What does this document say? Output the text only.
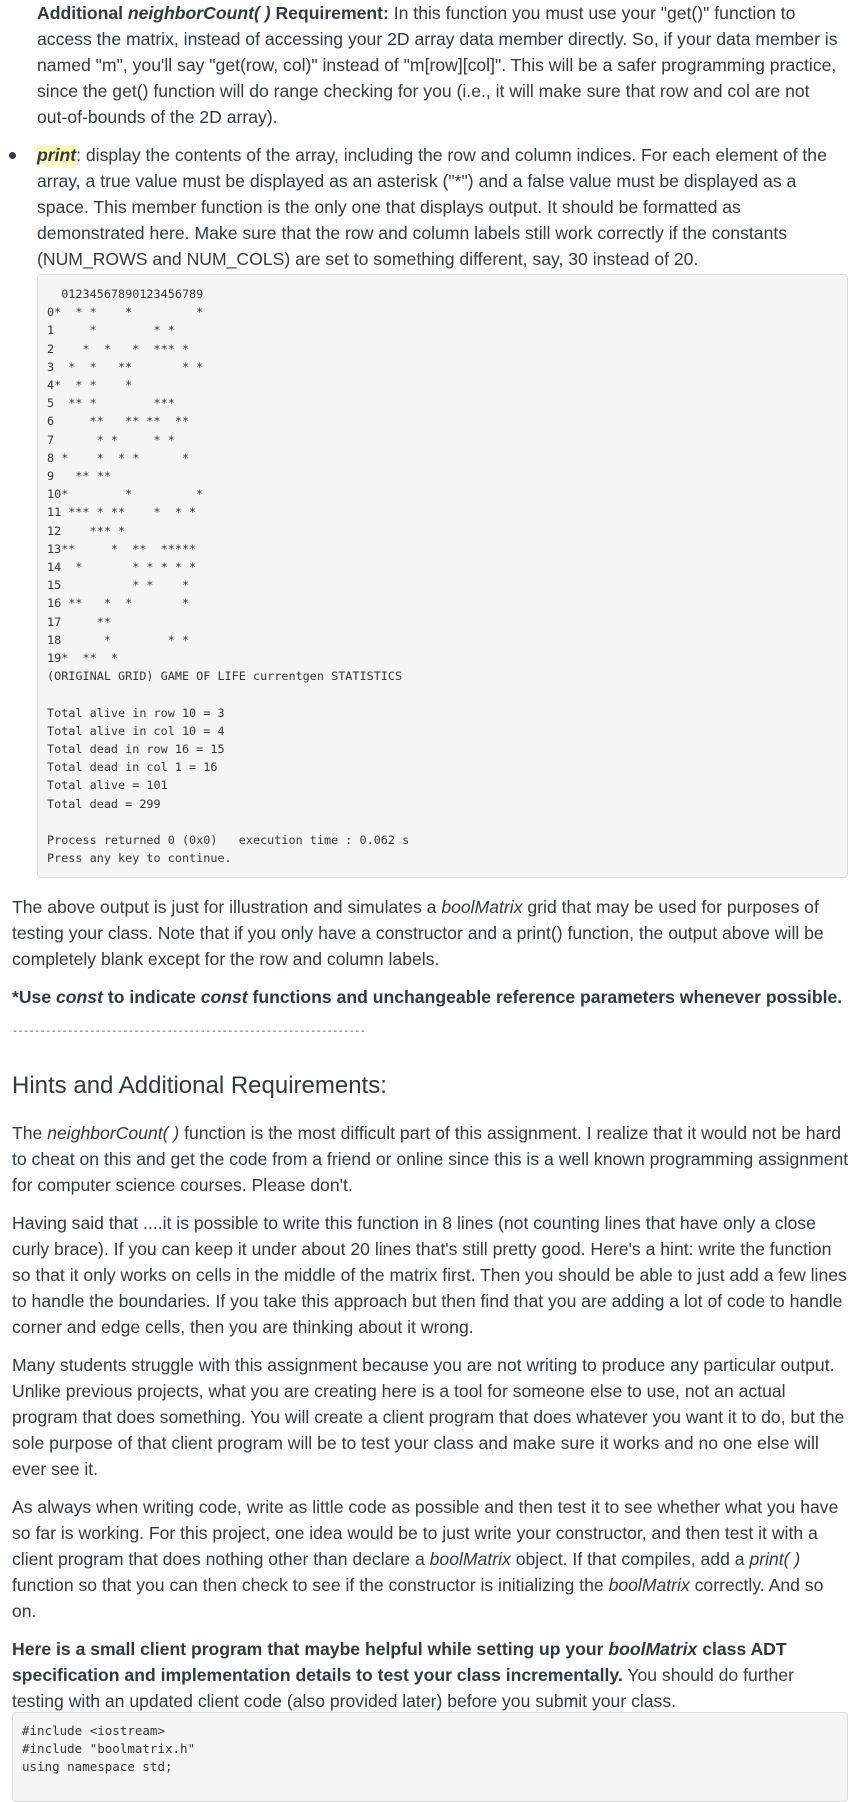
Additional neighborCount( ) Requirement: In this function you must use your "get()" function to access the matrix, instead of accessing your 2D array data member directly. So, if your data member is named "m", you'll say "get(row, col)" instead of "m[row][col]". This will be a safer programming practice, since the get() function will do range checking for you (i.e., it will make sure that row and col are not out-of-bounds of the 2D array).

print: display the contents of the array, including the row and column indices. For each element of the array, a true value must be displayed as an asterisk ("*") and a false value must be displayed as a space. This member function is the only one that displays output. It should be formatted as demonstrated here. Make sure that the row and column labels still work correctly if the constants (NUM_ROWS and NUM_COLS) are set to something different, say, 30 instead of 20.

01234567890123456789
0*  * *    *         *
1     *        * *
2    *  *   *  *** *
3  *  *   **       * *
4*  * *    *
5  ** *        ***
6     **   ** **  **
7      * *     * *
8 *    *  * *      *
9   ** **
10*        *         *
11 *** * **    *  * *
12    *** *
13**     *  **  *****
14  *       * * * * *
15          * *    *
16 **   *  *       *
17     **
18      *        * *
19*  **  *
(ORIGINAL GRID) GAME OF LIFE currentgen STATISTICS

Total alive in row 10 = 3
Total alive in col 10 = 4
Total dead in row 16 = 15
Total dead in col 1 = 16
Total alive = 101
Total dead = 299

Process returned 0 (0x0)   execution time : 0.062 s
Press any key to continue.

The above output is just for illustration and simulates a boolMatrix grid that may be used for purposes of testing your class. Note that if you only have a constructor and a print() function, the output above will be completely blank except for the row and column labels.

*Use const to indicate const functions and unchangeable reference parameters whenever possible.

----------------------------------------------------------------
Hints and Additional Requirements:

The neighborCount( ) function is the most difficult part of this assignment. I realize that it would not be hard to cheat on this and get the code from a friend or online since this is a well known programming assignment for computer science courses. Please don't.

Having said that ....it is possible to write this function in 8 lines (not counting lines that have only a close curly brace). If you can keep it under about 20 lines that's still pretty good. Here's a hint: write the function so that it only works on cells in the middle of the matrix first. Then you should be able to just add a few lines to handle the boundaries. If you take this approach but then find that you are adding a lot of code to handle corner and edge cells, then you are thinking about it wrong.

Many students struggle with this assignment because you are not writing to produce any particular output. Unlike previous projects, what you are creating here is a tool for someone else to use, not an actual program that does something. You will create a client program that does whatever you want it to do, but the sole purpose of that client program will be to test your class and make sure it works and no one else will ever see it.

As always when writing code, write as little code as possible and then test it to see whether what you have so far is working. For this project, one idea would be to just write your constructor, and then test it with a client program that does nothing other than declare a boolMatrix object. If that compiles, add a print( ) function so that you can then check to see if the constructor is initializing the boolMatrix correctly. And so on.

Here is a small client program that maybe helpful while setting up your boolMatrix class ADT specification and implementation details to test your class incrementally. You should do further testing with an updated client code (also provided later) before you submit your class.

#include <iostream>
#include "boolmatrix.h"
using namespace std;
